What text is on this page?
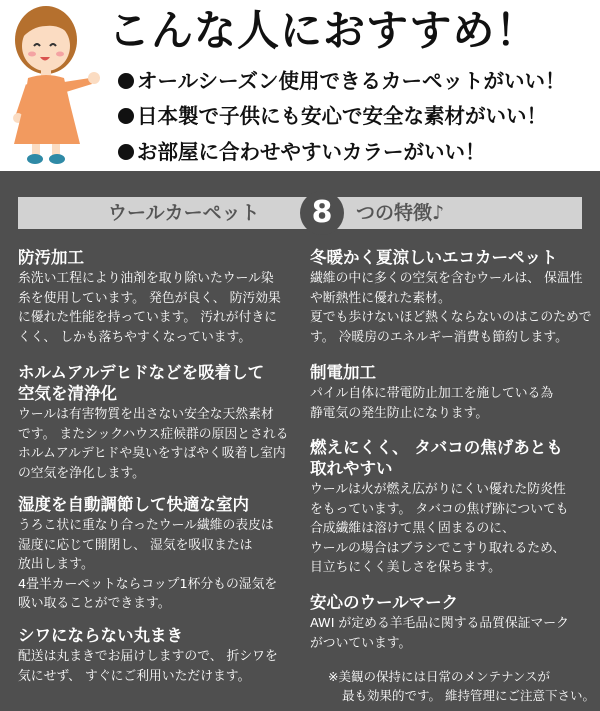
こんな人におすすめ！
オールシーズン使用できるカーペットがいい！
日本製で子供にも安心で安全な素材がいい！
お部屋に合わせやすいカラーがいい！
ウールカーペット	8	つの特徴♪
防汚加工
糸洗い工程により油剤を取り除いたウール染
糸を使用しています。 発色が良く、 防汚効果
に優れた性能を持っています。 汚れが付きに
くく、 しかも落ちやすくなっています。
ホルムアルデヒドなどを吸着して
空気を清浄化
ウールは有害物質を出さない安全な天然素材
です。 またシックハウス症候群の原因とされる
ホルムアルデヒドや臭いをすばやく吸着し室内
の空気を浄化します。
湿度を自動調節して快適な室内
うろこ状に重なり合ったウール繊維の表皮は
湿度に応じて開閉し、 湿気を吸収または
放出します。
4畳半カーペットならコップ1杯分もの湿気を
吸い取ることができます。
シワにならない丸まき
配送は丸まきでお届けしますので、 折シワを
気にせず、 すぐにご利用いただけます。
冬暖かく夏涼しいエコカーペット
繊維の中に多くの空気を含むウールは、 保温性
や断熱性に優れた素材。
夏でも歩けないほど熱くならないのはこのためで
す。 冷暖房のエネルギー消費も節約します。
制電加工
パイル自体に帯電防止加工を施している為
静電気の発生防止になります。
燃えにくく、 タバコの焦げあとも
取れやすい
ウールは火が燃え広がりにくい優れた防炎性
をもっています。 タバコの焦げ跡についても
合成繊維は溶けて黒く固まるのに、
ウールの場合はブラシでこすり取れるため、
目立ちにくく美しさを保ちます。
安心のウールマーク
AWI が定める羊毛品に関する品質保証マーク
がついています。
※美観の保持には日常のメンテナンスが
最も効果的です。 維持管理にご注意下さい。
